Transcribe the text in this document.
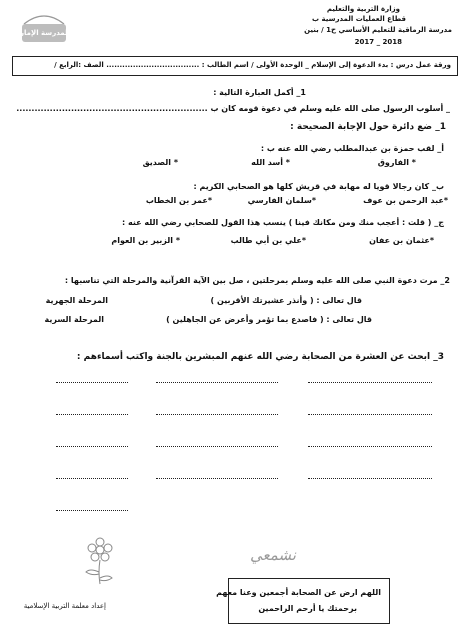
المدرسة الإماراتية
وزارة التربية والتعليم
قطاع العمليات المدرسية ب
مدرسة الرماقية للتعليم الأساسي ح1 / بنين
2018 _ 2017
ورقة عمل درس : بدء الدعوة إلى الإسلام _ الوحدة الأولى / اسم الطالب : ................................... الصف :الرابع /
1_ أكمل العبارة التالية :
_ أسلوب الرسول صلى الله عليه وسلم في دعوة قومه كان ب ...............................................................
1_ ضع دائرة حول الإجابة الصحيحة :
أ_ لقب حمزة بن عبدالمطلب رضي الله عنه ب :
* الفاروق
* أسد الله
* الصديق
ب_ كان رجالا قويا له مهابة في قريش كلها هو الصحابي الكريم :
*عبد الرحمن بن عوف
*سلمان الفارسي
*عمر بن الخطاب
ج_ ( قلت : أعجب منك ومن مكانك فينا ) ينسب هذا القول للصحابي رضي الله عنه :
*عثمان بن عفان
*علي بن أبي طالب
* الزبير بن العوام
2_ مرت دعوة النبي صلى الله عليه وسلم بمرحلتين ، صل بين الآية القرآنية والمرحلة التي تناسبها :
قال تعالى : ( وأنذر عشيرتك الأقربين )
قال تعالى : ( فاصدع بما تؤمر وأعرض عن الجاهلين )
المرحلة الجهرية
المرحلة السرية
3_ ابحث عن العشرة من الصحابة رضي الله عنهم المبشرين بالجنة واكتب أسماءهم :
نشمعي
اللهم ارض عن الصحابة أجمعين وعنا معهم
برحمتك يا أرحم الراحمين
إعداد معلمة التربية الإسلامية
